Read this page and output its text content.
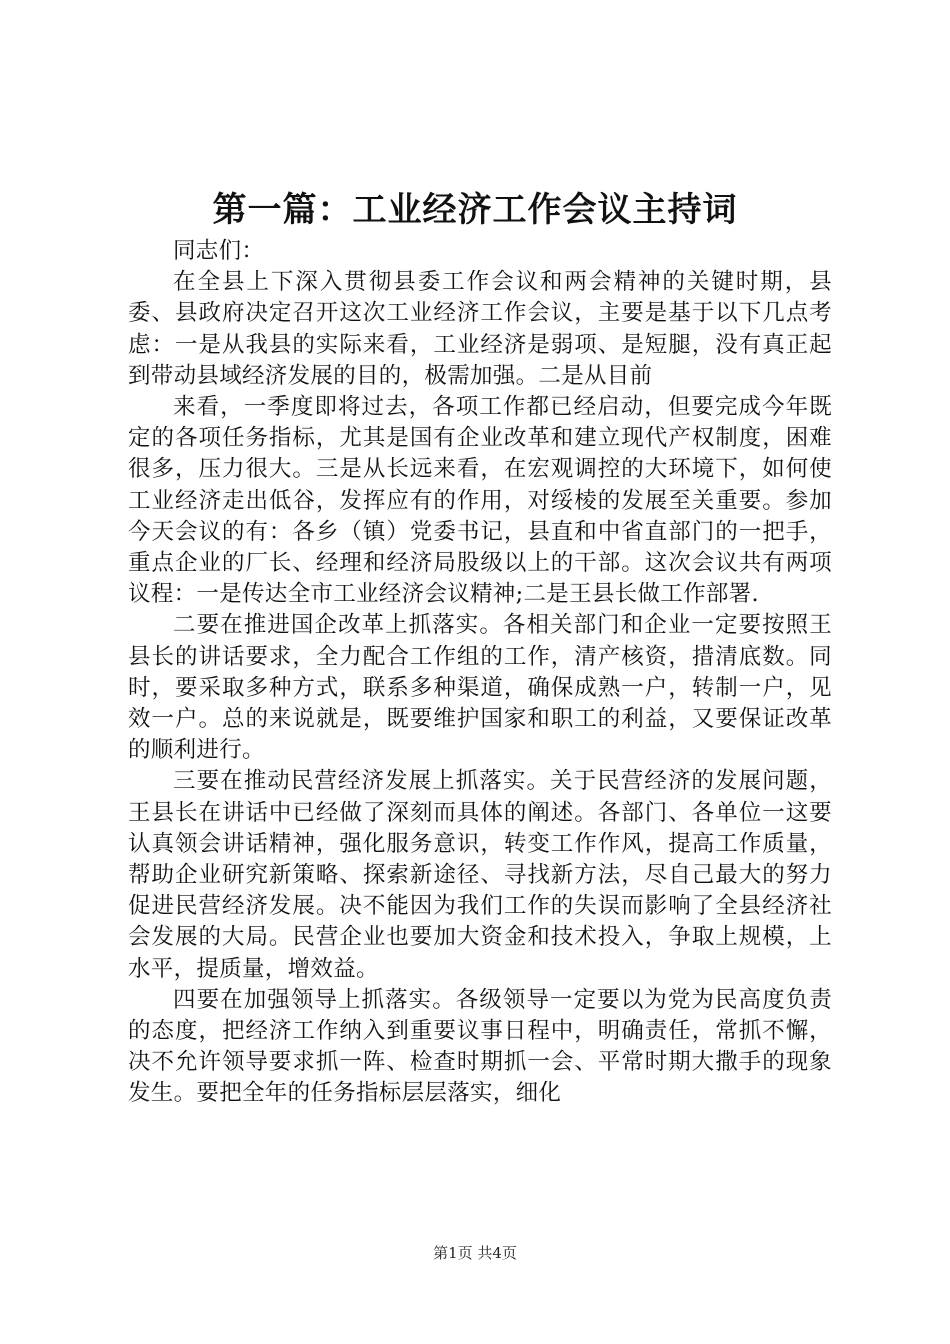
第一篇：工业经济工作会议主持词

同志们：

在全县上下深入贯彻县委工作会议和两会精神的关键时期，县委、县政府决定召开这次工业经济工作会议，主要是基于以下几点考虑：一是从我县的实际来看，工业经济是弱项、是短腿，没有真正起到带动县域经济发展的目的，极需加强。二是从目前

来看，一季度即将过去，各项工作都已经启动，但要完成今年既定的各项任务指标，尤其是国有企业改革和建立现代产权制度，困难很多，压力很大。三是从长远来看，在宏观调控的大环境下，如何使工业经济走出低谷，发挥应有的作用，对绥棱的发展至关重要。参加今天会议的有：各乡（镇）党委书记，县直和中省直部门的一把手，重点企业的厂长、经理和经济局股级以上的干部。这次会议共有两项议程：一是传达全市工业经济会议精神;二是王县长做工作部署.

二要在推进国企改革上抓落实。各相关部门和企业一定要按照王县长的讲话要求，全力配合工作组的工作，清产核资，措清底数。同时，要采取多种方式，联系多种渠道，确保成熟一户，转制一户，见效一户。总的来说就是，既要维护国家和职工的利益，又要保证改革的顺利进行。

三要在推动民营经济发展上抓落实。关于民营经济的发展问题，王县长在讲话中已经做了深刻而具体的阐述。各部门、各单位一这要认真领会讲话精神，强化服务意识，转变工作作风，提高工作质量，帮助企业研究新策略、探索新途径、寻找新方法，尽自己最大的努力促进民营经济发展。决不能因为我们工作的失误而影响了全县经济社会发展的大局。民营企业也要加大资金和技术投入，争取上规模，上水平，提质量，增效益。

四要在加强领导上抓落实。各级领导一定要以为党为民高度负责的态度，把经济工作纳入到重要议事日程中，明确责任，常抓不懈，决不允许领导要求抓一阵、检查时期抓一会、平常时期大撒手的现象发生。要把全年的任务指标层层落实，细化

第1页 共4页
